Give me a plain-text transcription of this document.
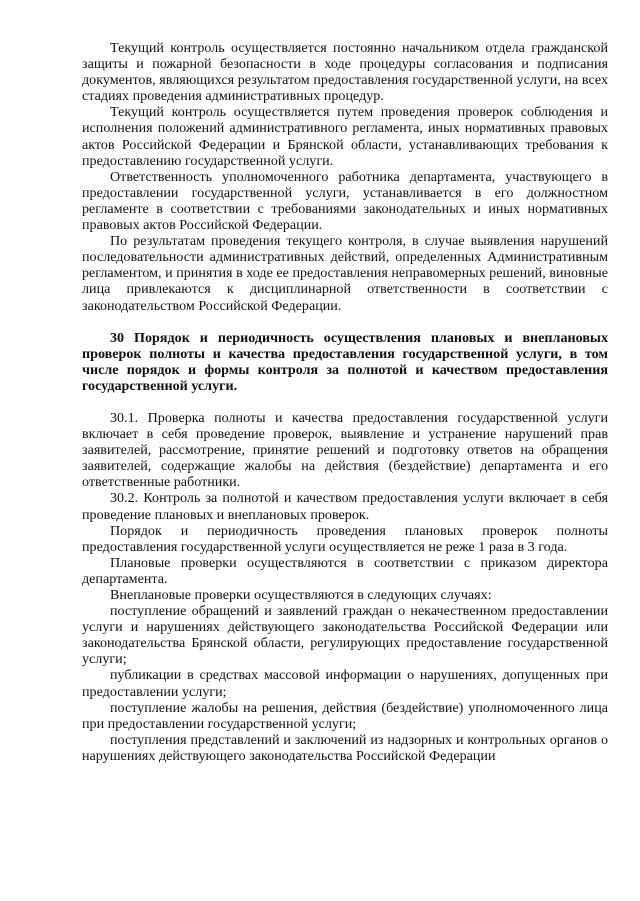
Текущий контроль осуществляется постоянно начальником отдела гражданской защиты и пожарной безопасности в ходе процедуры согласования и подписания документов, являющихся результатом предоставления государственной услуги, на всех стадиях проведения административных процедур.

Текущий контроль осуществляется путем проведения проверок соблюдения и исполнения положений административного регламента, иных нормативных правовых актов Российской Федерации и Брянской области, устанавливающих требования к предоставлению государственной услуги.

Ответственность уполномоченного работника департамента, участвующего в предоставлении государственной услуги, устанавливается в его должностном регламенте в соответствии с требованиями законодательных и иных нормативных правовых актов Российской Федерации.

По результатам проведения текущего контроля, в случае выявления нарушений последовательности административных действий, определенных Административным регламентом, и принятия в ходе ее предоставления неправомерных решений, виновные лица привлекаются к дисциплинарной ответственности в соответствии с законодательством Российской Федерации.

30 Порядок и периодичность осуществления плановых и внеплановых проверок полноты и качества предоставления государственной услуги, в том числе порядок и формы контроля за полнотой и качеством предоставления государственной услуги.

30.1. Проверка полноты и качества предоставления государственной услуги включает в себя проведение проверок, выявление и устранение нарушений прав заявителей, рассмотрение, принятие решений и подготовку ответов на обращения заявителей, содержащие жалобы на действия (бездействие) департамента и его ответственные работники.

30.2. Контроль за полнотой и качеством предоставления услуги включает в себя проведение плановых и внеплановых проверок.

Порядок и периодичность проведения плановых проверок полноты предоставления государственной услуги осуществляется не реже 1 раза в 3 года.

Плановые проверки осуществляются в соответствии с приказом директора департамента.

Внеплановые проверки осуществляются в следующих случаях:

поступление обращений и заявлений граждан о некачественном предоставлении услуги и нарушениях действующего законодательства Российской Федерации или законодательства Брянской области, регулирующих предоставление государственной услуги;

публикации в средствах массовой информации о нарушениях, допущенных при предоставлении услуги;

поступление жалобы на решения, действия (бездействие) уполномоченного лица при предоставлении государственной услуги;

поступления представлений и заключений из надзорных и контрольных органов о нарушениях действующего законодательства Российской Федерации
